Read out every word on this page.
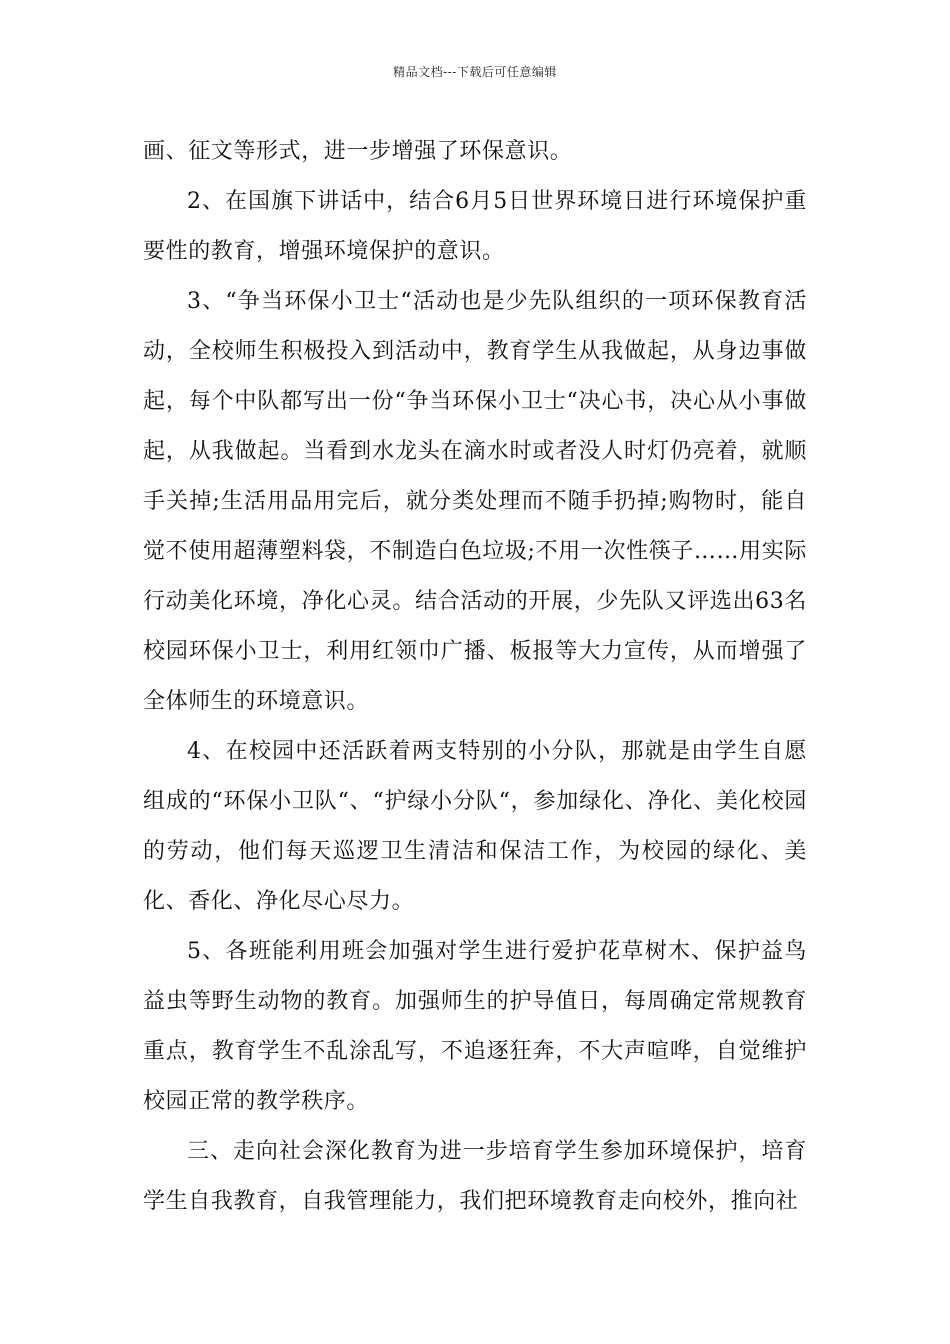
精品文档---下载后可任意编辑

画、征文等形式，进一步增强了环保意识。

2、在国旗下讲话中，结合6月5日世界环境日进行环境保护重要性的教育，增强环境保护的意识。

3、“争当环保小卫士“活动也是少先队组织的一项环保教育活动，全校师生积极投入到活动中，教育学生从我做起，从身边事做起，每个中队都写出一份“争当环保小卫士“决心书，决心从小事做起，从我做起。当看到水龙头在滴水时或者没人时灯仍亮着，就顺手关掉;生活用品用完后，就分类处理而不随手扔掉;购物时，能自觉不使用超薄塑料袋，不制造白色垃圾;不用一次性筷子……用实际行动美化环境，净化心灵。结合活动的开展，少先队又评选出63名校园环保小卫士，利用红领巾广播、板报等大力宣传，从而增强了全体师生的环境意识。

4、在校园中还活跃着两支特别的小分队，那就是由学生自愿组成的“环保小卫队“、“护绿小分队“，参加绿化、净化、美化校园的劳动，他们每天巡逻卫生清洁和保洁工作，为校园的绿化、美化、香化、净化尽心尽力。

5、各班能利用班会加强对学生进行爱护花草树木、保护益鸟益虫等野生动物的教育。加强师生的护导值日，每周确定常规教育重点，教育学生不乱涂乱写，不追逐狂奔，不大声喧哗，自觉维护校园正常的教学秩序。

三、走向社会深化教育为进一步培育学生参加环境保护，培育学生自我教育，自我管理能力，我们把环境教育走向校外，推向社
